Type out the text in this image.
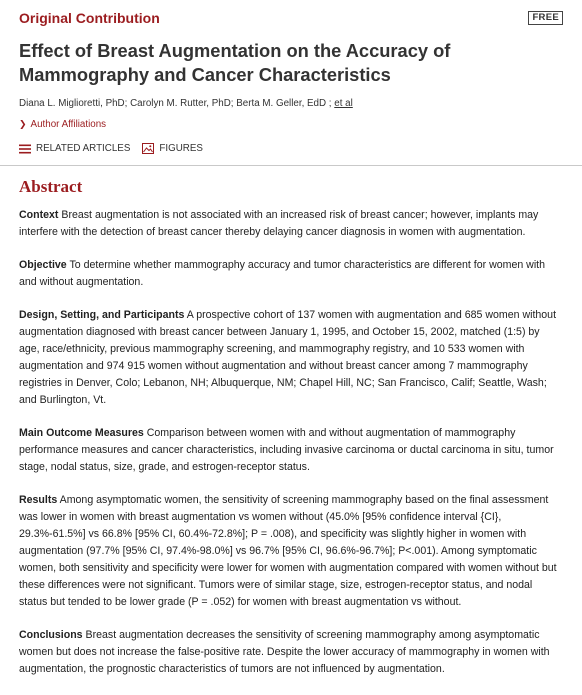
Original Contribution	FREE
Effect of Breast Augmentation on the Accuracy of Mammography and Cancer Characteristics
Diana L. Miglioretti, PhD; Carolyn M. Rutter, PhD; Berta M. Geller, EdD ; et al
❯ Author Affiliations
RELATED ARTICLES	FIGURES
Abstract

Context Breast augmentation is not associated with an increased risk of breast cancer; however, implants may interfere with the detection of breast cancer thereby delaying cancer diagnosis in women with augmentation.

Objective To determine whether mammography accuracy and tumor characteristics are different for women with and without augmentation.

Design, Setting, and Participants A prospective cohort of 137 women with augmentation and 685 women without augmentation diagnosed with breast cancer between January 1, 1995, and October 15, 2002, matched (1:5) by age, race/ethnicity, previous mammography screening, and mammography registry, and 10 533 women with augmentation and 974 915 women without augmentation and without breast cancer among 7 mammography registries in Denver, Colo; Lebanon, NH; Albuquerque, NM; Chapel Hill, NC; San Francisco, Calif; Seattle, Wash; and Burlington, Vt.

Main Outcome Measures Comparison between women with and without augmentation of mammography performance measures and cancer characteristics, including invasive carcinoma or ductal carcinoma in situ, tumor stage, nodal status, size, grade, and estrogen-receptor status.

Results Among asymptomatic women, the sensitivity of screening mammography based on the final assessment was lower in women with breast augmentation vs women without (45.0% [95% confidence interval {CI}, 29.3%-61.5%] vs 66.8% [95% CI, 60.4%-72.8%]; P = .008), and specificity was slightly higher in women with augmentation (97.7% [95% CI, 97.4%-98.0%] vs 96.7% [95% CI, 96.6%-96.7%]; P<.001). Among symptomatic women, both sensitivity and specificity were lower for women with augmentation compared with women without but these differences were not significant. Tumors were of similar stage, size, estrogen-receptor status, and nodal status but tended to be lower grade (P = .052) for women with breast augmentation vs without.

Conclusions Breast augmentation decreases the sensitivity of screening mammography among asymptomatic women but does not increase the false-positive rate. Despite the lower accuracy of mammography in women with augmentation, the prognostic characteristics of tumors are not influenced by augmentation.
